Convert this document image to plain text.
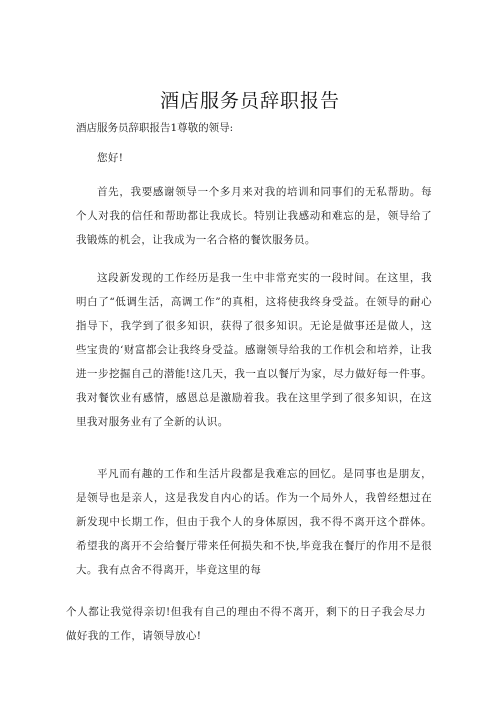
酒店服务员辞职报告
酒店服务员辞职报告1尊敬的领导:
您好!
首先，我要感谢领导一个多月来对我的培训和同事们的无私帮助。每个人对我的信任和帮助都让我成长。特别让我感动和难忘的是，领导给了我锻炼的机会，让我成为一名合格的餐饮服务员。
这段新发现的工作经历是我一生中非常充实的一段时间。在这里，我明白了“低调生活，高调工作”的真相，这将使我终身受益。在领导的耐心指导下，我学到了很多知识，获得了很多知识。无论是做事还是做人，这些宝贵的‘财富都会让我终身受益。感谢领导给我的工作机会和培养，让我进一步挖掘自己的潜能!这几天，我一直以餐厅为家，尽力做好每一件事。我对餐饮业有感情，感恩总是激励着我。我在这里学到了很多知识，在这里我对服务业有了全新的认识。
平凡而有趣的工作和生活片段都是我难忘的回忆。是同事也是朋友，是领导也是亲人，这是我发自内心的话。作为一个局外人，我曾经想过在新发现中长期工作，但由于我个人的身体原因，我不得不离开这个群体。希望我的离开不会给餐厅带来任何损失和不快,毕竟我在餐厅的作用不是很大。我有点舍不得离开，毕竟这里的每
个人都让我觉得亲切!但我有自己的理由不得不离开，剩下的日子我会尽力做好我的工作，请领导放心!
